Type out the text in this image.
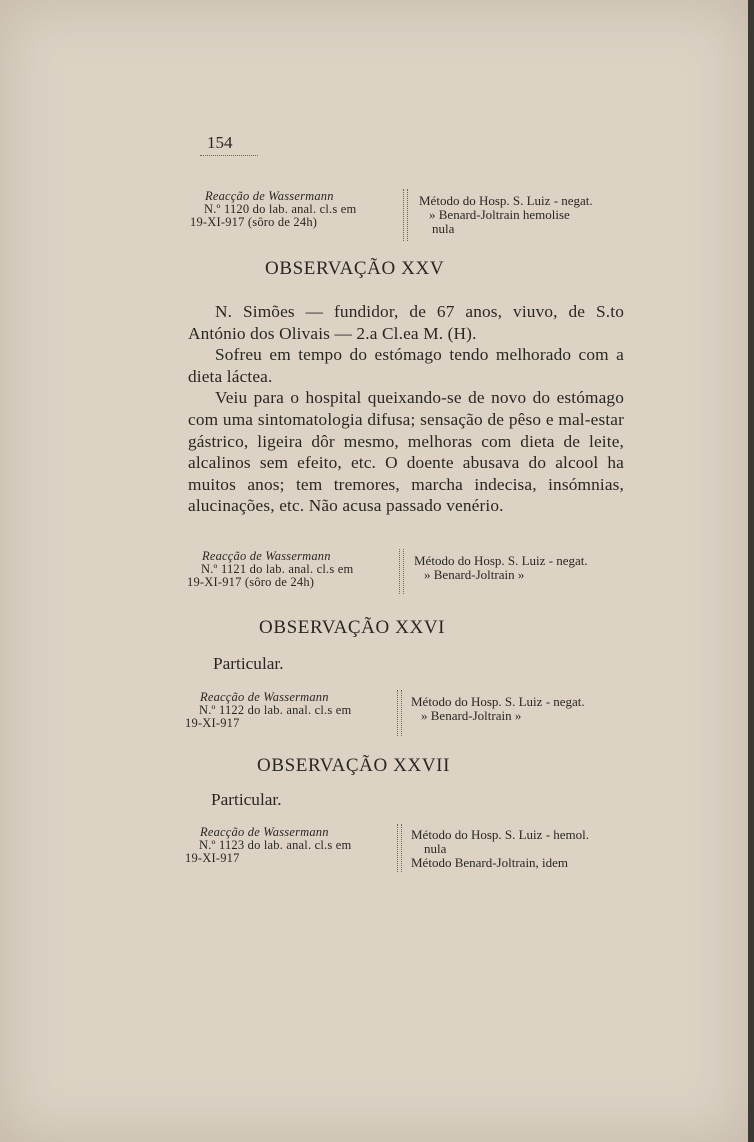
154
Reacção de Wassermann
N.º 1120 do lab. anal. cl.s em
19-XI-917 (sôro de 24h)
Método do Hosp. S. Luiz - negat.
» Benard-Joltrain hemolise
nula
OBSERVAÇÃO XXV

N. Simões — fundidor, de 67 anos, viuvo, de S.to António dos Olivais — 2.a Cl.ea M. (H).

Sofreu em tempo do estómago tendo melhorado com a dieta láctea.

Veiu para o hospital queixando-se de novo do estómago com uma sintomatologia difusa; sensação de pêso e mal-estar gástrico, ligeira dôr mesmo, melhoras com dieta de leite, alcalinos sem efeito, etc. O doente abusava do alcool ha muitos anos; tem tremores, marcha indecisa, insómnias, alucinações, etc. Não acusa passado venério.

Reacção de Wassermann
N.º 1121 do lab. anal. cl.s em
19-XI-917 (sôro de 24h)
Método do Hosp. S. Luiz - negat.
» Benard-Joltrain »
OBSERVAÇÃO XXVI
Particular.
Reacção de Wassermann
N.º 1122 do lab. anal. cl.s em
19-XI-917
Método do Hosp. S. Luiz - negat.
» Benard-Joltrain »
OBSERVAÇÃO XXVII
Particular.
Reacção de Wassermann
N.º 1123 do lab. anal. cl.s em
19-XI-917
Método do Hosp. S. Luiz - hemol.
nula
Método Benard-Joltrain, idem
